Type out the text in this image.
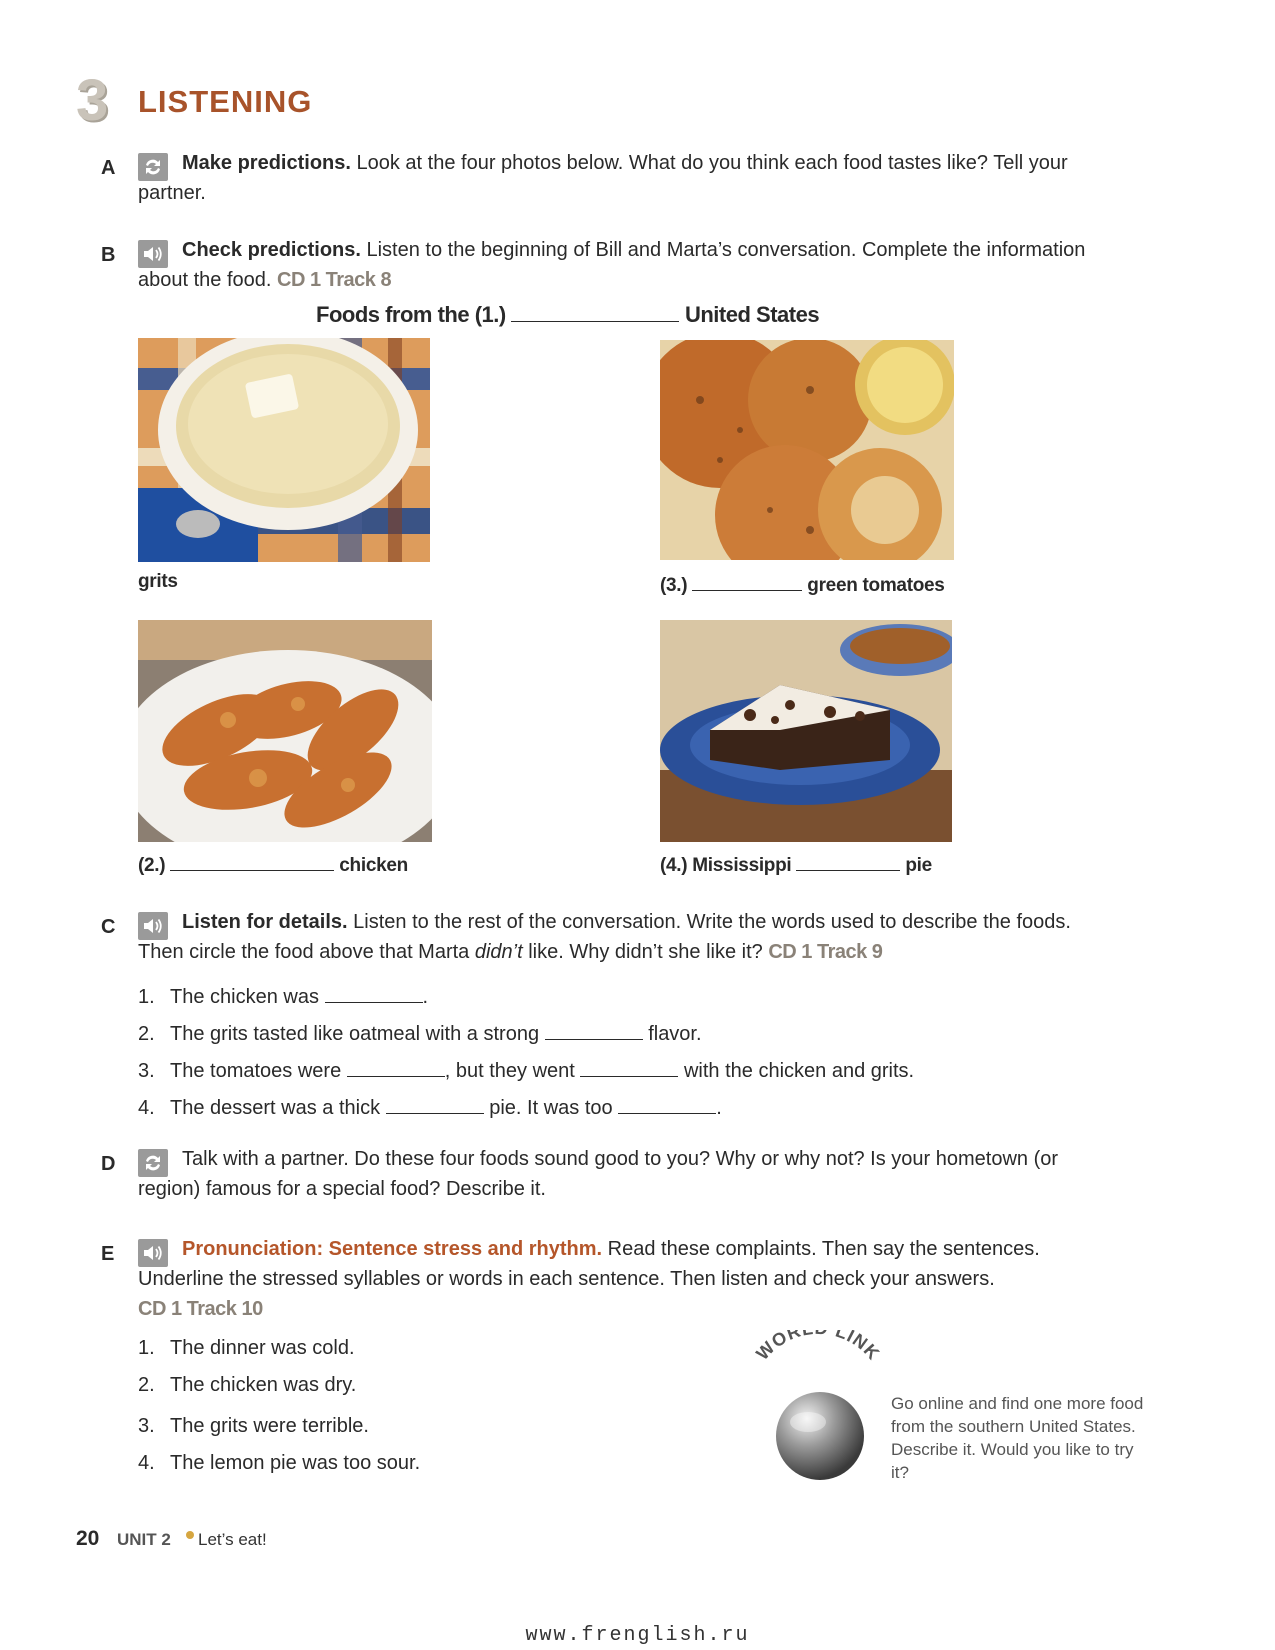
3 LISTENING
A	Make predictions. Look at the four photos below. What do you think each food tastes like? Tell your partner.
B	Check predictions. Listen to the beginning of Bill and Marta’s conversation. Complete the information about the food. CD 1 Track 8
Foods from the (1.)	United States
grits	(3.)	green tomatoes
(2.)	chicken	(4.) Mississippi	pie
C	Listen for details. Listen to the rest of the conversation. Write the words used to describe the foods. Then circle the food above that Marta didn’t like. Why didn’t she like it? CD 1 Track 9
1. The chicken was	.
2. The grits tasted like oatmeal with a strong	flavor.
3. The tomatoes were	, but they went	with the chicken and grits.
4. The dessert was a thick	pie. It was too	.
D	Talk with a partner. Do these four foods sound good to you? Why or why not? Is your hometown (or region) famous for a special food? Describe it.
E	Pronunciation: Sentence stress and rhythm. Read these complaints. Then say the sentences. Underline the stressed syllables or words in each sentence. Then listen and check your answers.
CD 1 Track 10
1. The dinner was cold.
2. The chicken was dry.
3. The grits were terrible.
4. The lemon pie was too sour.
WOR LINK
Go online and find one more food from the southern United States. Describe it. Would you like to try it?
20 UNIT 2 Let’s eat!
www.frenglish.ru
